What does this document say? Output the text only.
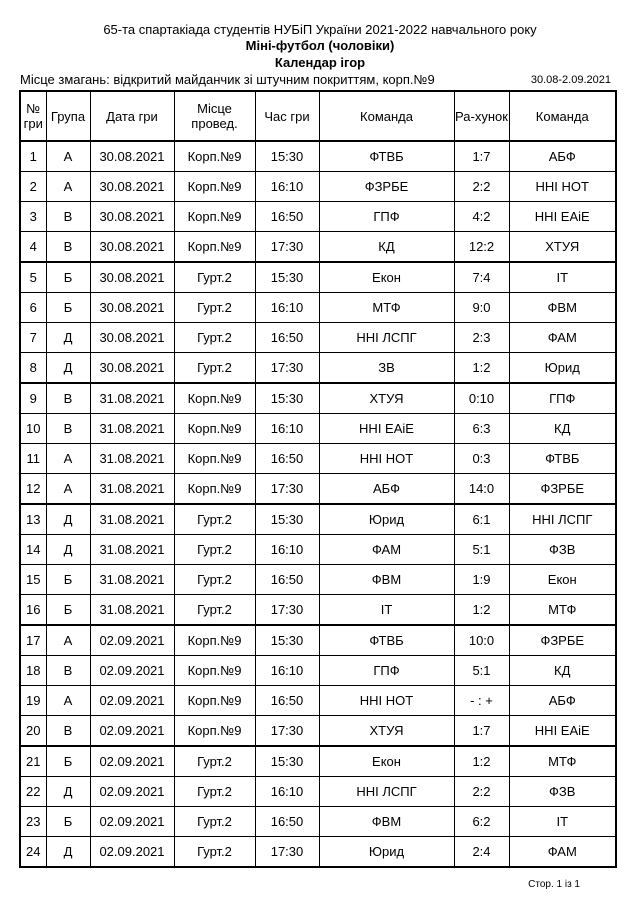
65-та спартакіада студентів НУБіП України 2021-2022 навчального року
Міні-футбол (чоловіки)
Календар ігор
Місце змагань: відкритий майданчик зі штучним покриттям, корп.№9	30.08-2.09.2021
№ гри	Група	Дата гри	Місце провед.	Час гри	Команда	Ра-хунок	Команда
1	А	30.08.2021	Корп.№9	15:30	ФТВБ	1:7	АБФ
2	А	30.08.2021	Корп.№9	16:10	ФЗРБЕ	2:2	ННІ НОТ
3	В	30.08.2021	Корп.№9	16:50	ГПФ	4:2	ННІ ЕАіЕ
4	В	30.08.2021	Корп.№9	17:30	КД	12:2	ХТУЯ
5	Б	30.08.2021	Гурт.2	15:30	Екон	7:4	ІТ
6	Б	30.08.2021	Гурт.2	16:10	МТФ	9:0	ФВМ
7	Д	30.08.2021	Гурт.2	16:50	ННІ ЛСПГ	2:3	ФАМ
8	Д	30.08.2021	Гурт.2	17:30	ЗВ	1:2	Юрид
9	В	31.08.2021	Корп.№9	15:30	ХТУЯ	0:10	ГПФ
10	В	31.08.2021	Корп.№9	16:10	ННІ ЕАіЕ	6:3	КД
11	А	31.08.2021	Корп.№9	16:50	ННІ НОТ	0:3	ФТВБ
12	А	31.08.2021	Корп.№9	17:30	АБФ	14:0	ФЗРБЕ
13	Д	31.08.2021	Гурт.2	15:30	Юрид	6:1	ННІ ЛСПГ
14	Д	31.08.2021	Гурт.2	16:10	ФАМ	5:1	ФЗВ
15	Б	31.08.2021	Гурт.2	16:50	ФВМ	1:9	Екон
16	Б	31.08.2021	Гурт.2	17:30	ІТ	1:2	МТФ
17	А	02.09.2021	Корп.№9	15:30	ФТВБ	10:0	ФЗРБЕ
18	В	02.09.2021	Корп.№9	16:10	ГПФ	5:1	КД
19	А	02.09.2021	Корп.№9	16:50	ННІ НОТ	- : +	АБФ
20	В	02.09.2021	Корп.№9	17:30	ХТУЯ	1:7	ННІ ЕАіЕ
21	Б	02.09.2021	Гурт.2	15:30	Екон	1:2	МТФ
22	Д	02.09.2021	Гурт.2	16:10	ННІ ЛСПГ	2:2	ФЗВ
23	Б	02.09.2021	Гурт.2	16:50	ФВМ	6:2	ІТ
24	Д	02.09.2021	Гурт.2	17:30	Юрид	2:4	ФАМ
Стор. 1 із 1
